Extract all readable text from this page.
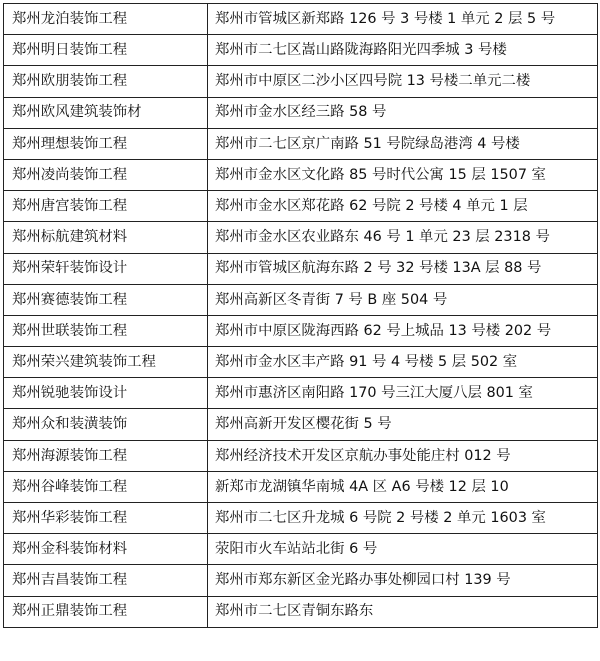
郑州龙泊装饰工程	郑州市管城区新郑路 126 号 3 号楼 1 单元 2 层 5 号
郑州明日装饰工程	郑州市二七区嵩山路陇海路阳光四季城 3 号楼
郑州欧朋装饰工程	郑州市中原区二沙小区四号院 13 号楼二单元二楼
郑州欧风建筑装饰材	郑州市金水区经三路 58 号
郑州理想装饰工程	郑州市二七区京广南路 51 号院绿岛港湾 4 号楼
郑州凌尚装饰工程	郑州市金水区文化路 85 号时代公寓 15 层 1507 室
郑州唐宫装饰工程	郑州市金水区郑花路 62 号院 2 号楼 4 单元 1 层
郑州标航建筑材料	郑州市金水区农业路东 46 号 1 单元 23 层 2318 号
郑州荣轩装饰设计	郑州市管城区航海东路 2 号 32 号楼 13A 层 88 号
郑州赛德装饰工程	郑州高新区冬青街 7 号 B 座 504 号
郑州世联装饰工程	郑州市中原区陇海西路 62 号上城品 13 号楼 202 号
郑州荣兴建筑装饰工程	郑州市金水区丰产路 91 号 4 号楼 5 层 502 室
郑州锐驰装饰设计	郑州市惠济区南阳路 170 号三江大厦八层 801 室
郑州众和装潢装饰	郑州高新开发区樱花街 5 号
郑州海源装饰工程	郑州经济技术开发区京航办事处能庄村 012 号
郑州谷峰装饰工程	新郑市龙湖镇华南城 4A 区 A6 号楼 12 层 10
郑州华彩装饰工程	郑州市二七区升龙城 6 号院 2 号楼 2 单元 1603 室
郑州金科装饰材料	荥阳市火车站站北街 6 号
郑州吉昌装饰工程	郑州市郑东新区金光路办事处柳园口村 139 号
郑州正鼎装饰工程	郑州市二七区青铜东路东
